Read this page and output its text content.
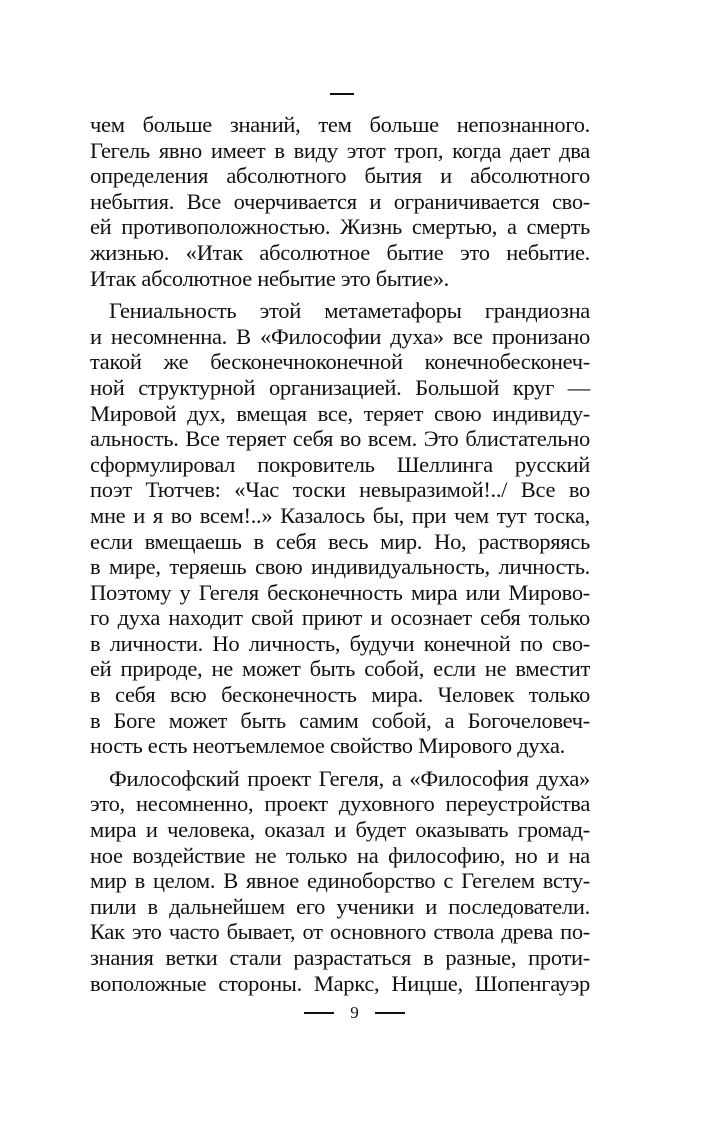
чем больше знаний, тем больше непознанного.
Гегель явно имеет в виду этот троп, когда дает два
определения абсолютного бытия и абсолютного
небытия. Все очерчивается и ограничивается сво-
ей противоположностью. Жизнь смертью, а смерть
жизнью. «Итак абсолютное бытие это небытие.
Итак абсолютное небытие это бытие».
Гениальность этой метаметафоры грандиозна
и несомненна. В «Философии духа» все пронизано
такой же бесконечноконечной конечнобесконеч-
ной структурной организацией. Большой круг —
Мировой дух, вмещая все, теряет свою индивиду-
альность. Все теряет себя во всем. Это блистательно
сформулировал покровитель Шеллинга русский
поэт Тютчев: «Час тоски невыразимой!../ Все во
мне и я во всем!..» Казалось бы, при чем тут тоска,
если вмещаешь в себя весь мир. Но, растворяясь
в мире, теряешь свою индивидуальность, личность.
Поэтому у Гегеля бесконечность мира или Мирово-
го духа находит свой приют и осознает себя только
в личности. Но личность, будучи конечной по сво-
ей природе, не может быть собой, если не вместит
в себя всю бесконечность мира. Человек только
в Боге может быть самим собой, а Богочеловеч-
ность есть неотъемлемое свойство Мирового духа.
Философский проект Гегеля, а «Философия духа»
это, несомненно, проект духовного переустройства
мира и человека, оказал и будет оказывать громад-
ное воздействие не только на философию, но и на
мир в целом. В явное единоборство с Гегелем всту-
пили в дальнейшем его ученики и последователи.
Как это часто бывает, от основного ствола древа по-
знания ветки стали разрастаться в разные, проти-
воположные стороны. Маркс, Ницше, Шопенгауэр
9
